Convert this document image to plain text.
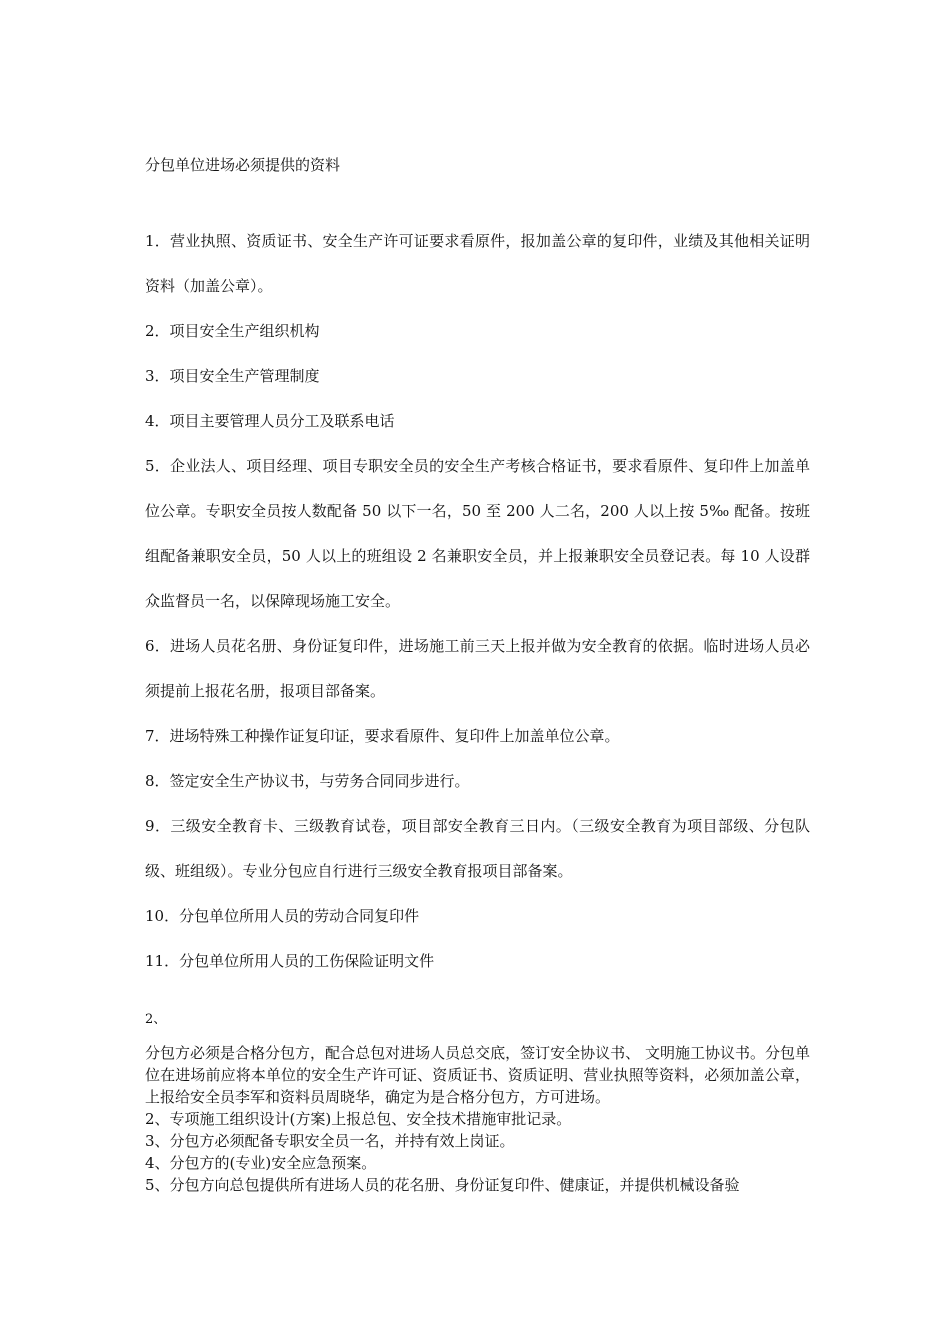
分包单位进场必须提供的资料
1．营业执照、资质证书、安全生产许可证要求看原件，报加盖公章的复印件，业绩及其他相关证明资料（加盖公章）。
2．项目安全生产组织机构
3．项目安全生产管理制度
4．项目主要管理人员分工及联系电话
5．企业法人、项目经理、项目专职安全员的安全生产考核合格证书，要求看原件、复印件上加盖单位公章。专职安全员按人数配备 50 以下一名，50 至 200 人二名，200 人以上按 5‰ 配备。按班组配备兼职安全员，50 人以上的班组设 2 名兼职安全员，并上报兼职安全员登记表。每 10 人设群众监督员一名，以保障现场施工安全。
6．进场人员花名册、身份证复印件，进场施工前三天上报并做为安全教育的依据。临时进场人员必须提前上报花名册，报项目部备案。
7．进场特殊工种操作证复印证，要求看原件、复印件上加盖单位公章。
8．签定安全生产协议书，与劳务合同同步进行。
9．三级安全教育卡、三级教育试卷，项目部安全教育三日内。（三级安全教育为项目部级、分包队级、班组级）。专业分包应自行进行三级安全教育报项目部备案。
10．分包单位所用人员的劳动合同复印件
11．分包单位所用人员的工伤保险证明文件
2、

分包方必须是合格分包方，配合总包对进场人员总交底，签订安全协议书、 文明施工协议书。分包单位在进场前应将本单位的安全生产许可证、资质证书、资质证明、营业执照等资料，必须加盖公章，上报给安全员李军和资料员周晓华，确定为是合格分包方，方可进场。

2、专项施工组织设计(方案)上报总包、安全技术措施审批记录。

3、分包方必须配备专职安全员一名，并持有效上岗证。

4、分包方的(专业)安全应急预案。

5、分包方向总包提供所有进场人员的花名册、身份证复印件、健康证，并提供机械设备验
